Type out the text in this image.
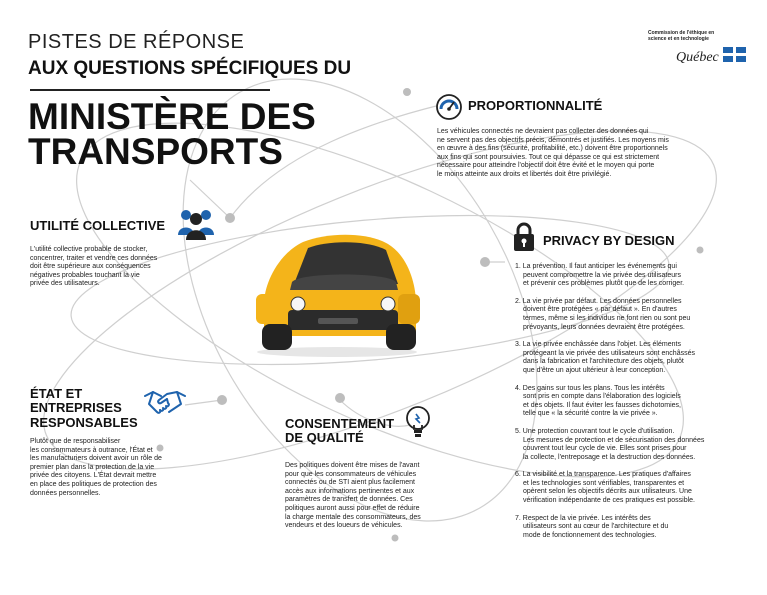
PISTES DE RÉPONSE
AUX QUESTIONS SPÉCIFIQUES DU
MINISTÈRE DES
TRANSPORTS
Commission de l'éthique en science et en technologie
Québec
PROPORTIONNALITÉ
Les véhicules connectés ne devraient pas collecter des données qui
ne servent pas des objectifs précis, démontrés et justifiés. Les moyens mis
en œuvre à des fins (sécurité, profitabilité, etc.) doivent être proportionnels
aux fins qui sont poursuivies. Tout ce qui dépasse ce qui est strictement
nécessaire pour atteindre l'objectif doit être évité et le moyen qui porte
le moins atteinte aux droits et libertés doit être privilégié.
UTILITÉ COLLECTIVE
L'utilité collective probable de stocker,
concentrer, traiter et vendre ces données
doit être supérieure aux conséquences
négatives probables touchant la vie
privée des utilisateurs.
PRIVACY BY DESIGN
1. La prévention. Il faut anticiper les événements qui
peuvent compromettre la vie privée des utilisateurs
et prévenir ces problèmes plutôt que de les corriger.
2. La vie privée par défaut. Les données personnelles
doivent être protégées « par défaut ». En d'autres
termes, même si les individus ne font rien ou sont peu
prévoyants, leurs données devraient être protégées.
3. La vie privée enchâssée dans l'objet. Les éléments
protégeant la vie privée des utilisateurs sont enchâssés
dans la fabrication et l'architecture des objets, plutôt
que d'être un ajout ultérieur à leur conception.
4. Des gains sur tous les plans. Tous les intérêts
sont pris en compte dans l'élaboration des logiciels
et des objets. Il faut éviter les fausses dichotomies,
telle que « la sécurité contre la vie privée ».
5. Une protection couvrant tout le cycle d'utilisation.
Les mesures de protection et de sécurisation des données
couvrent tout leur cycle de vie. Elles sont prises pour
la collecte, l'entreposage et la destruction des données.
6. La visibilité et la transparence. Les pratiques d'affaires
et les technologies sont vérifiables, transparentes et
opèrent selon les objectifs décrits aux utilisateurs. Une
vérification indépendante de ces pratiques est possible.
7. Respect de la vie privée. Les intérêts des
utilisateurs sont au cœur de l'architecture et du
mode de fonctionnement des technologies.
ÉTAT ET
ENTREPRISES
RESPONSABLES
Plutôt que de responsabiliser
les consommateurs à outrance, l'État et
les manufacturiers doivent avoir un rôle de
premier plan dans la protection de la vie
privée des citoyens. L'État devrait mettre
en place des politiques de protection des
données personnelles.
CONSENTEMENT
DE QUALITÉ
Des politiques doivent être mises de l'avant
pour que les consommateurs de véhicules
connectés ou de STI aient plus facilement
accès aux informations pertinentes et aux
paramètres de transfert de données. Ces
politiques auront aussi pour effet de réduire
la charge mentale des consommateurs, des
vendeurs et des loueurs de véhicules.
